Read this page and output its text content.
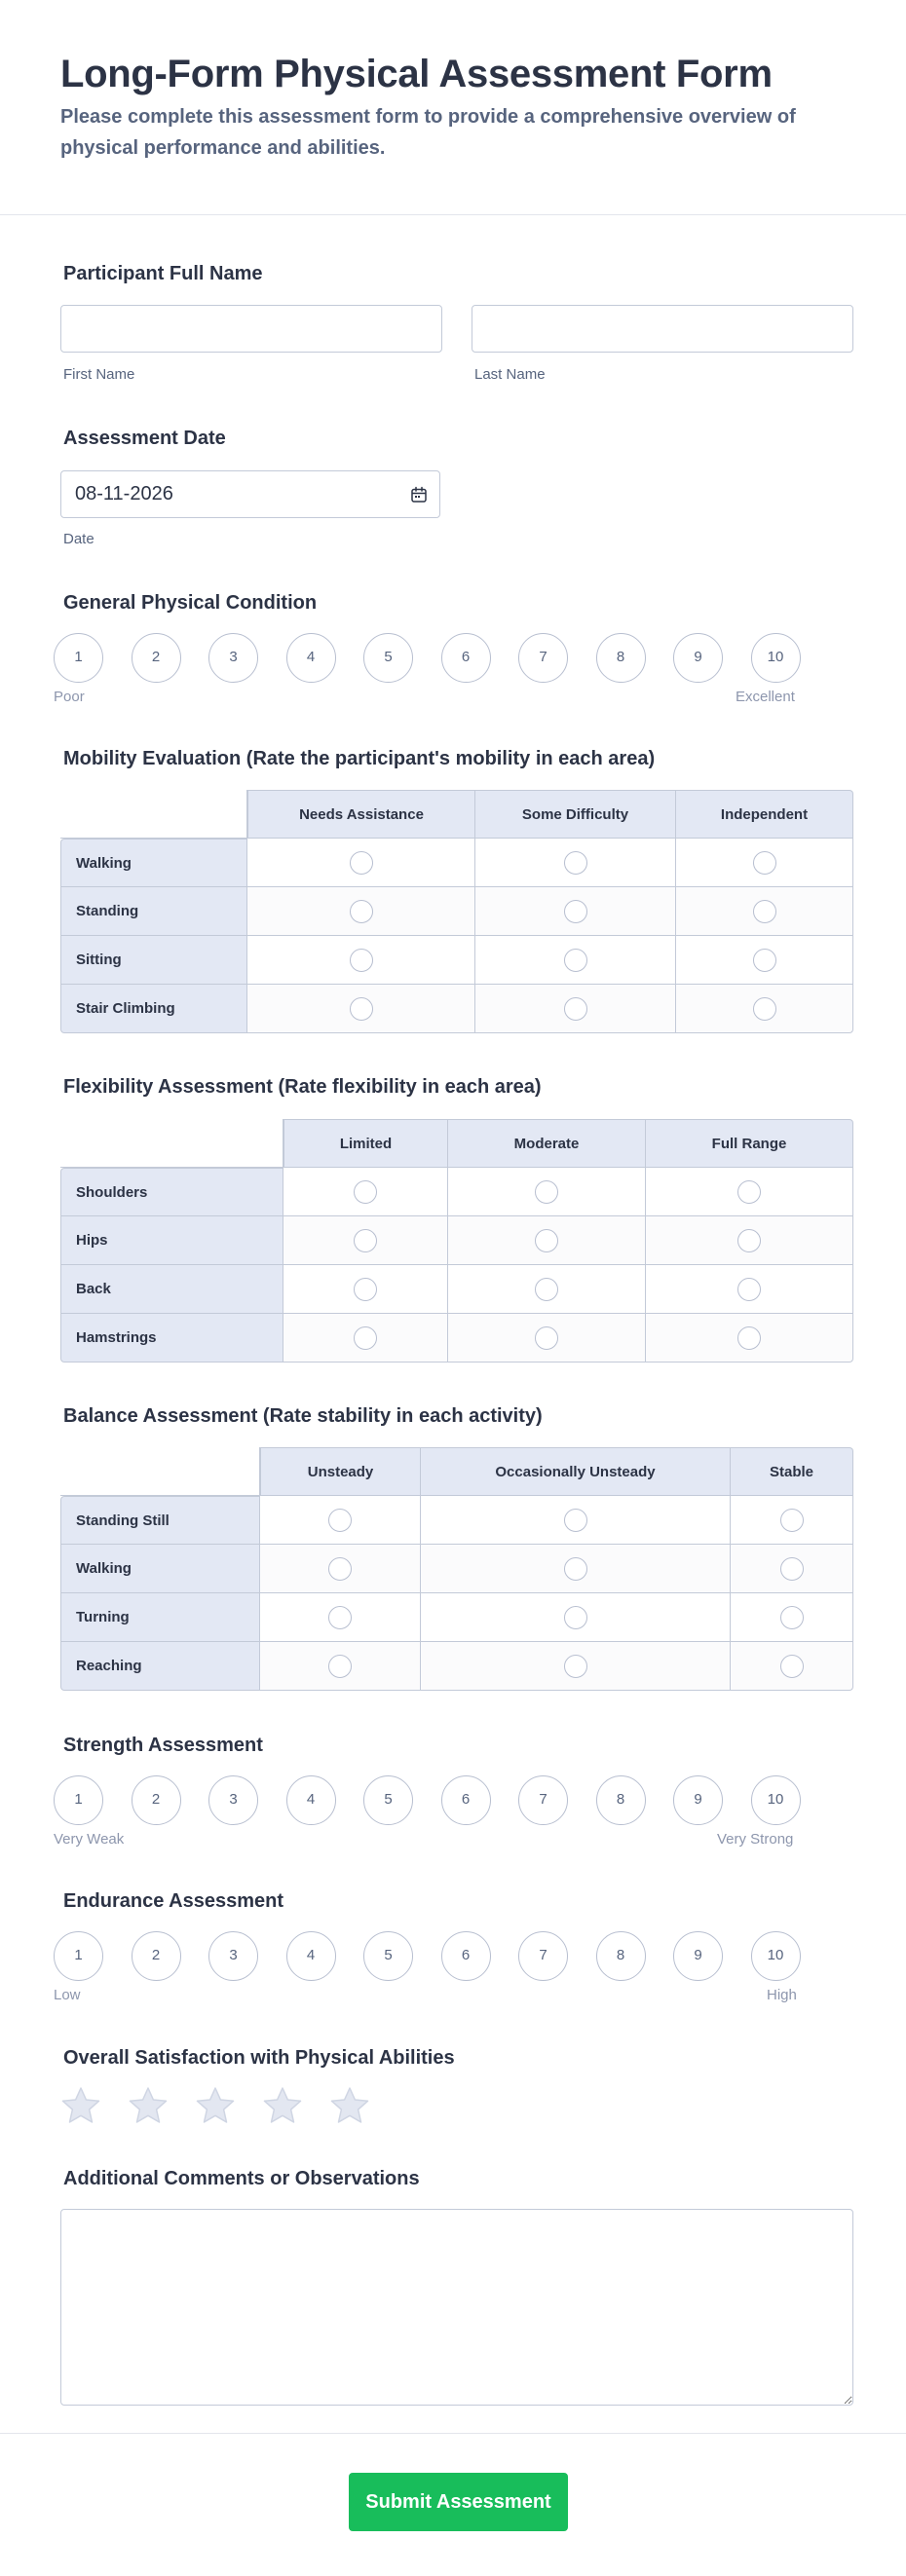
Long-Form Physical Assessment Form

Please complete this assessment form to provide a comprehensive overview of physical performance and abilities.

Participant Full Name
First Name	Last Name
Assessment Date
08-11-2026
Date
General Physical Condition
1	2	3	4	5	6	7	8	9	10
Poor	Excellent
Mobility Evaluation (Rate the participant's mobility in each area)
	Needs Assistance	Some Difficulty	Independent
Walking			
Standing			
Sitting			
Stair Climbing			
Flexibility Assessment (Rate flexibility in each area)
	Limited	Moderate	Full Range
Shoulders			
Hips			
Back			
Hamstrings			
Balance Assessment (Rate stability in each activity)
	Unsteady	Occasionally Unsteady	Stable
Standing Still			
Walking			
Turning			
Reaching			
Strength Assessment
1	2	3	4	5	6	7	8	9	10
Very Weak	Very Strong
Endurance Assessment
1	2	3	4	5	6	7	8	9	10
Low	High
Overall Satisfaction with Physical Abilities
Additional Comments or Observations
Submit Assessment
